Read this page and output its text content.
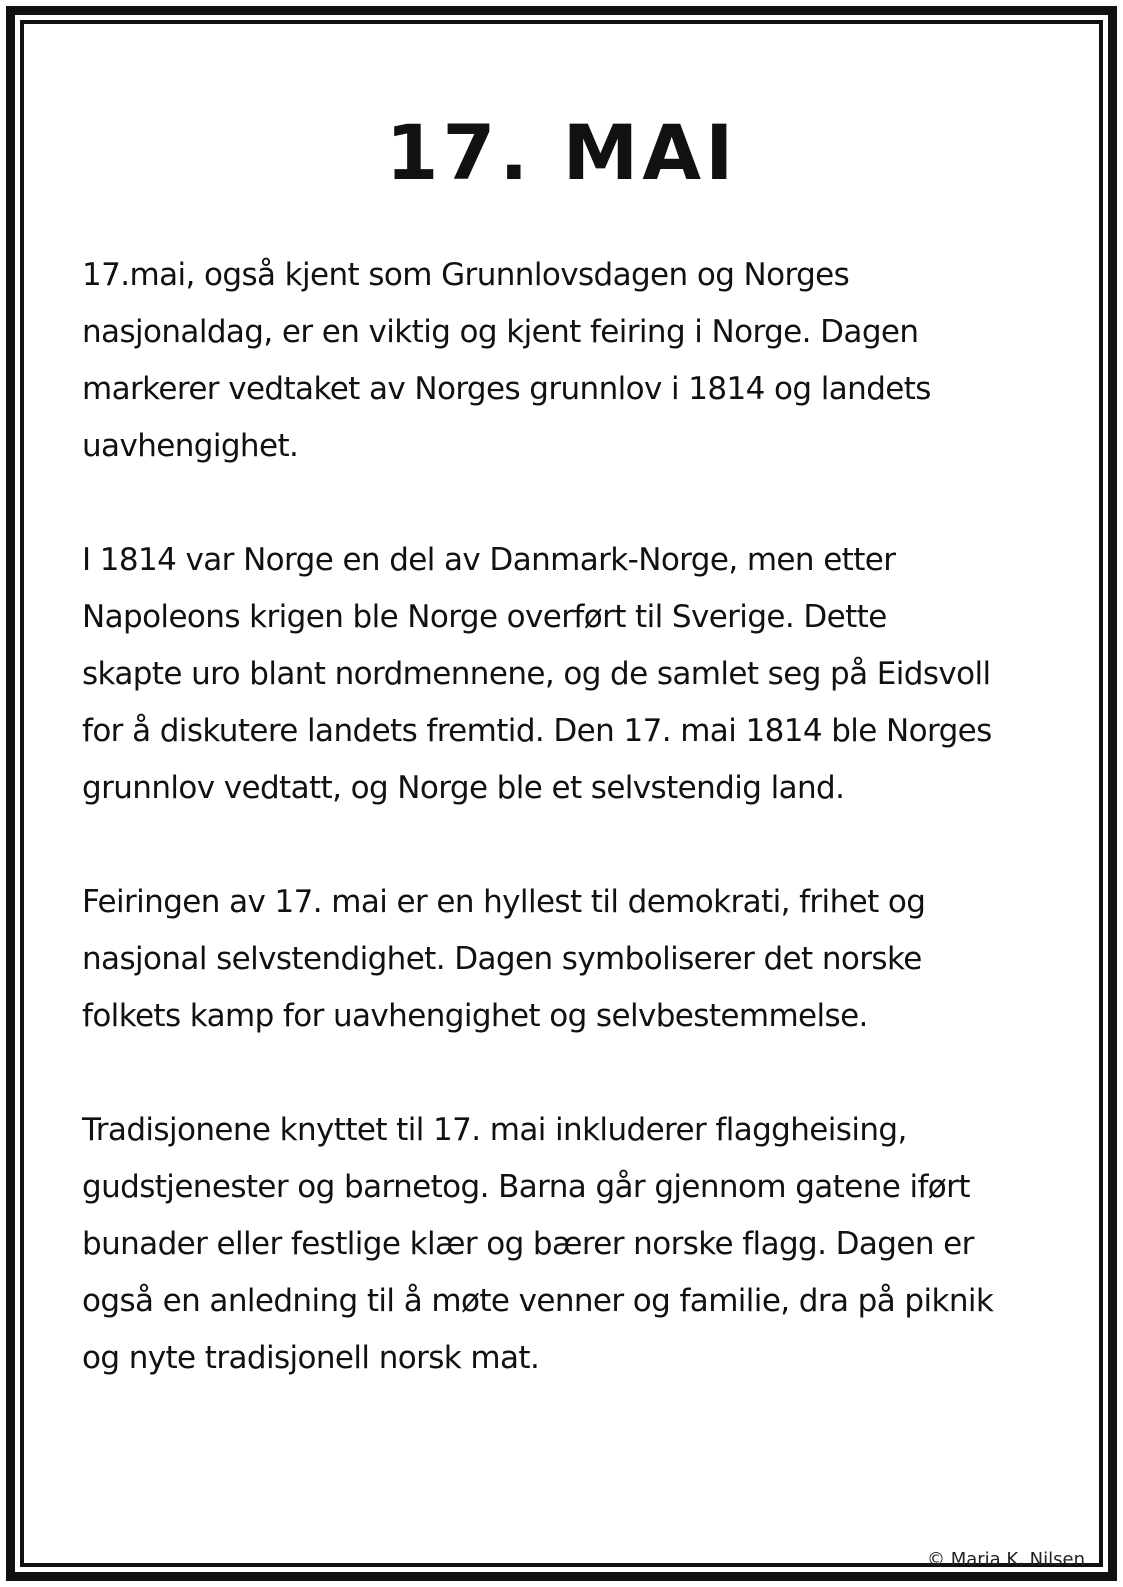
17. MAI

17.mai, også kjent som Grunnlovsdagen og Norges
nasjonaldag, er en viktig og kjent feiring i Norge. Dagen
markerer vedtaket av Norges grunnlov i 1814 og landets
uavhengighet.

I 1814 var Norge en del av Danmark-Norge, men etter
Napoleons krigen ble Norge overført til Sverige. Dette
skapte uro blant nordmennene, og de samlet seg på Eidsvoll
for å diskutere landets fremtid. Den 17. mai 1814 ble Norges
grunnlov vedtatt, og Norge ble et selvstendig land.

Feiringen av 17. mai er en hyllest til demokrati, frihet og
nasjonal selvstendighet. Dagen symboliserer det norske
folkets kamp for uavhengighet og selvbestemmelse.

Tradisjonene knyttet til 17. mai inkluderer flaggheising,
gudstjenester og barnetog. Barna går gjennom gatene iført
bunader eller festlige klær og bærer norske flagg. Dagen er
også en anledning til å møte venner og familie, dra på piknik
og nyte tradisjonell norsk mat.

© Maria K. Nilsen
